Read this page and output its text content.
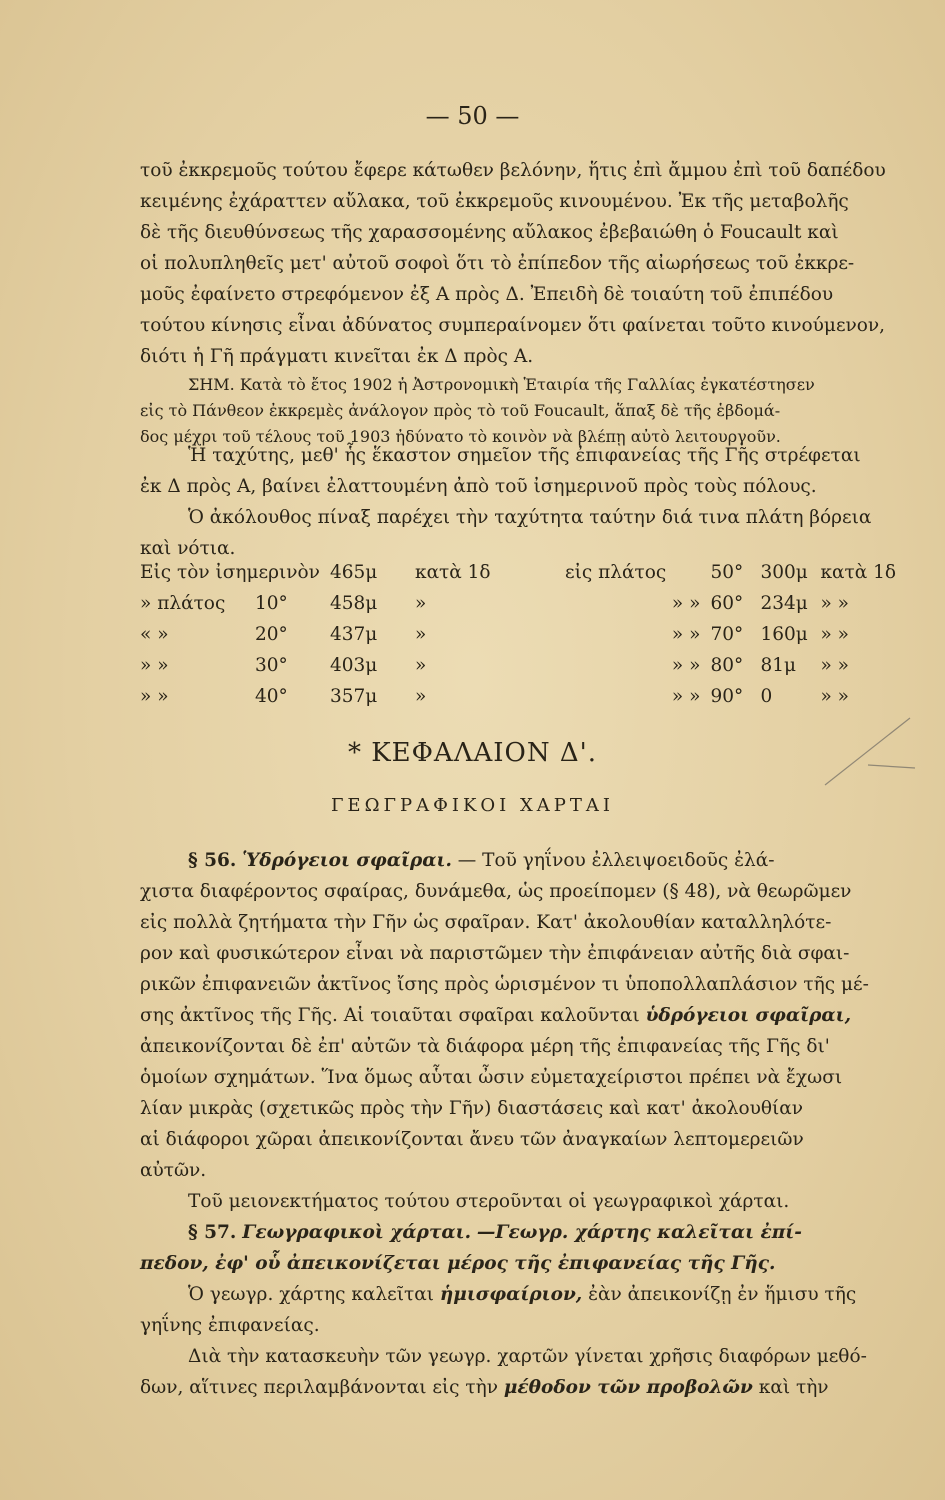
— 50 —

τοῦ ἐκκρεμοῦς τούτου ἔφερε κάτωθεν βελόνην, ἥτις ἐπὶ ἄμμου ἐπὶ τοῦ δαπέδου

κειμένης ἐχάραττεν αὔλακα, τοῦ ἐκκρεμοῦς κινουμένου. Ἐκ τῆς μεταβολῆς

δὲ τῆς διευθύνσεως τῆς χαρασσομένης αὔλακος ἐβεβαιώθη ὁ Foucault καὶ

οἱ πολυπληθεῖς μετ' αὐτοῦ σοφοὶ ὅτι τὸ ἐπίπεδον τῆς αἰωρήσεως τοῦ ἐκκρε-

μοῦς ἐφαίνετο στρεφόμενον ἐξ Α πρὸς Δ. Ἐπειδὴ δὲ τοιαύτη τοῦ ἐπιπέδου

τούτου κίνησις εἶναι ἀδύνατος συμπεραίνομεν ὅτι φαίνεται τοῦτο κινούμενον,

διότι ἡ Γῆ πράγματι κινεῖται ἐκ Δ πρὸς Α.

ΣΗΜ. Κατὰ τὸ ἔτος 1902 ἡ Ἀστρονομικὴ Ἑταιρία τῆς Γαλλίας ἐγκατέστησεν

εἰς τὸ Πάνθεον ἐκκρεμὲς ἀνάλογον πρὸς τὸ τοῦ Foucault, ἅπαξ δὲ τῆς ἑβδομά-

δος μέχρι τοῦ τέλους τοῦ 1903 ἠδύνατο τὸ κοινὸν νὰ βλέπῃ αὐτὸ λειτουργοῦν.

Ἡ ταχύτης, μεθ' ἧς ἕκαστον σημεῖον τῆς ἐπιφανείας τῆς Γῆς στρέφεται

ἐκ Δ πρὸς Α, βαίνει ἐλαττουμένη ἀπὸ τοῦ ἰσημερινοῦ πρὸς τοὺς πόλους.

Ὁ ἀκόλουθος πίναξ παρέχει τὴν ταχύτητα ταύτην διά τινα πλάτη βόρεια

καὶ νότια.

Εἰς τὸν ἰσημερινὸν		465μ	κατὰ 1δ	εἰς πλάτος	50°	300μ	κατὰ 1δ
» πλάτος	10°	458μ	»	» »	60°	234μ	» »
« »	20°	437μ	»	» »	70°	160μ	» »
» »	30°	403μ	»	» »	80°	81μ	» »
» »	40°	357μ	»	» »	90°	0	» »
* ΚΕΦΑΛΑΙΟΝ Δ'.
ΓΕΩΓΡΑΦΙΚΟΙ ΧΑΡΤΑΙ

§ 56. Ὑδρόγειοι σφαῖραι. — Τοῦ γηΐνου ἐλλειψοειδοῦς ἐλά-

χιστα διαφέροντος σφαίρας, δυνάμεθα, ὡς προείπομεν (§ 48), νὰ θεωρῶμεν

εἰς πολλὰ ζητήματα τὴν Γῆν ὡς σφαῖραν. Κατ' ἀκολουθίαν καταλληλότε-

ρον καὶ φυσικώτερον εἶναι νὰ παριστῶμεν τὴν ἐπιφάνειαν αὐτῆς διὰ σφαι-

ρικῶν ἐπιφανειῶν ἀκτῖνος ἴσης πρὸς ὡρισμένον τι ὑποπολλαπλάσιον τῆς μέ-

σης ἀκτῖνος τῆς Γῆς. Αἱ τοιαῦται σφαῖραι καλοῦνται ὑδρόγειοι σφαῖραι,

ἀπεικονίζονται δὲ ἐπ' αὐτῶν τὰ διάφορα μέρη τῆς ἐπιφανείας τῆς Γῆς δι'

ὁμοίων σχημάτων. Ἵνα ὅμως αὗται ὦσιν εὐμεταχείριστοι πρέπει νὰ ἔχωσι

λίαν μικρὰς (σχετικῶς πρὸς τὴν Γῆν) διαστάσεις καὶ κατ' ἀκολουθίαν

αἱ διάφοροι χῶραι ἀπεικονίζονται ἄνευ τῶν ἀναγκαίων λεπτομερειῶν

αὐτῶν.

Τοῦ μειονεκτήματος τούτου στεροῦνται οἱ γεωγραφικοὶ χάρται.

§ 57. Γεωγραφικοὶ χάρται. —Γεωγρ. χάρτης καλεῖται ἐπί-

πεδον, ἐφ' οὗ ἀπεικονίζεται μέρος τῆς ἐπιφανείας τῆς Γῆς.

Ὁ γεωγρ. χάρτης καλεῖται ἡμισφαίριον, ἐὰν ἀπεικονίζῃ ἐν ἥμισυ τῆς

γηΐνης ἐπιφανείας.

Διὰ τὴν κατασκευὴν τῶν γεωγρ. χαρτῶν γίνεται χρῆσις διαφόρων μεθό-

δων, αἵτινες περιλαμβάνονται εἰς τὴν μέθοδον τῶν προβολῶν καὶ τὴν
